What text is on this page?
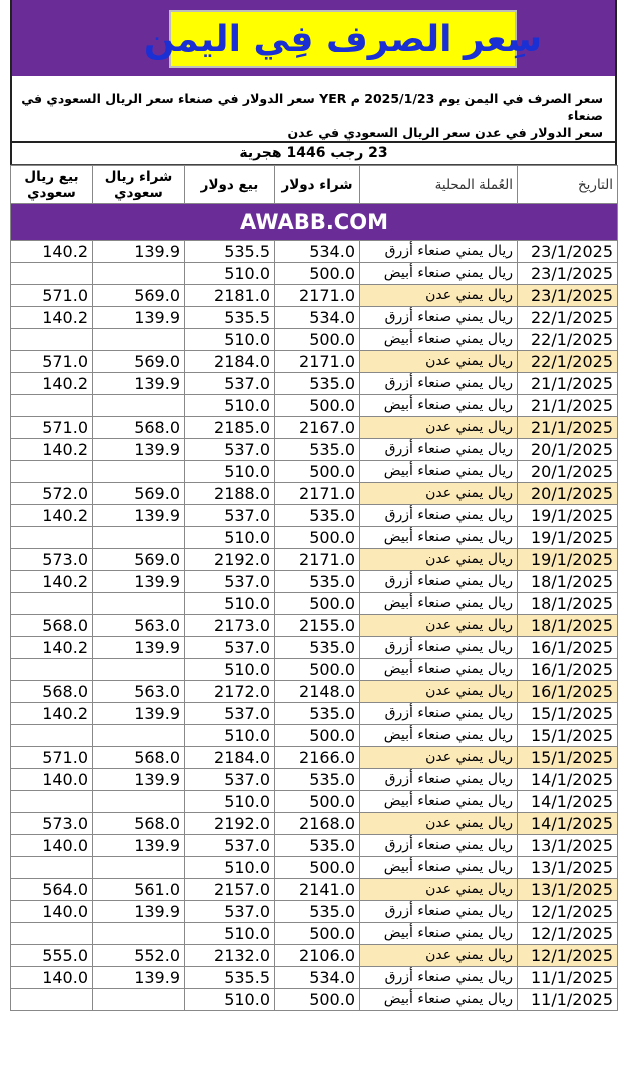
سِعر الصرف فِي اليمن
سعر الصرف في اليمن يوم 2025/1/23 م YER سعر الدولار في صنعاء سعر الريال السعودي في صنعاء
سعر الدولار في عدن سعر الريال السعودي في عدن
23 رجب 1446 هجرية
بيع ريال سعودي	شراء ريال سعودي	بيع دولار	شراء دولار	العُملة المحلية	التاريخ
AWABB.COM					
140.2	139.9	535.5	534.0	ريال يمني صنعاء أزرق	23/1/2025
		510.0	500.0	ريال يمني صنعاء أبيض	23/1/2025
571.0	569.0	2181.0	2171.0	ريال يمني عدن	23/1/2025
140.2	139.9	535.5	534.0	ريال يمني صنعاء أزرق	22/1/2025
		510.0	500.0	ريال يمني صنعاء أبيض	22/1/2025
571.0	569.0	2184.0	2171.0	ريال يمني عدن	22/1/2025
140.2	139.9	537.0	535.0	ريال يمني صنعاء أزرق	21/1/2025
		510.0	500.0	ريال يمني صنعاء أبيض	21/1/2025
571.0	568.0	2185.0	2167.0	ريال يمني عدن	21/1/2025
140.2	139.9	537.0	535.0	ريال يمني صنعاء أزرق	20/1/2025
		510.0	500.0	ريال يمني صنعاء أبيض	20/1/2025
572.0	569.0	2188.0	2171.0	ريال يمني عدن	20/1/2025
140.2	139.9	537.0	535.0	ريال يمني صنعاء أزرق	19/1/2025
		510.0	500.0	ريال يمني صنعاء أبيض	19/1/2025
573.0	569.0	2192.0	2171.0	ريال يمني عدن	19/1/2025
140.2	139.9	537.0	535.0	ريال يمني صنعاء أزرق	18/1/2025
		510.0	500.0	ريال يمني صنعاء أبيض	18/1/2025
568.0	563.0	2173.0	2155.0	ريال يمني عدن	18/1/2025
140.2	139.9	537.0	535.0	ريال يمني صنعاء أزرق	16/1/2025
		510.0	500.0	ريال يمني صنعاء أبيض	16/1/2025
568.0	563.0	2172.0	2148.0	ريال يمني عدن	16/1/2025
140.2	139.9	537.0	535.0	ريال يمني صنعاء أزرق	15/1/2025
		510.0	500.0	ريال يمني صنعاء أبيض	15/1/2025
571.0	568.0	2184.0	2166.0	ريال يمني عدن	15/1/2025
140.0	139.9	537.0	535.0	ريال يمني صنعاء أزرق	14/1/2025
		510.0	500.0	ريال يمني صنعاء أبيض	14/1/2025
573.0	568.0	2192.0	2168.0	ريال يمني عدن	14/1/2025
140.0	139.9	537.0	535.0	ريال يمني صنعاء أزرق	13/1/2025
		510.0	500.0	ريال يمني صنعاء أبيض	13/1/2025
564.0	561.0	2157.0	2141.0	ريال يمني عدن	13/1/2025
140.0	139.9	537.0	535.0	ريال يمني صنعاء أزرق	12/1/2025
		510.0	500.0	ريال يمني صنعاء أبيض	12/1/2025
555.0	552.0	2132.0	2106.0	ريال يمني عدن	12/1/2025
140.0	139.9	535.5	534.0	ريال يمني صنعاء أزرق	11/1/2025
		510.0	500.0	ريال يمني صنعاء أبيض	11/1/2025
